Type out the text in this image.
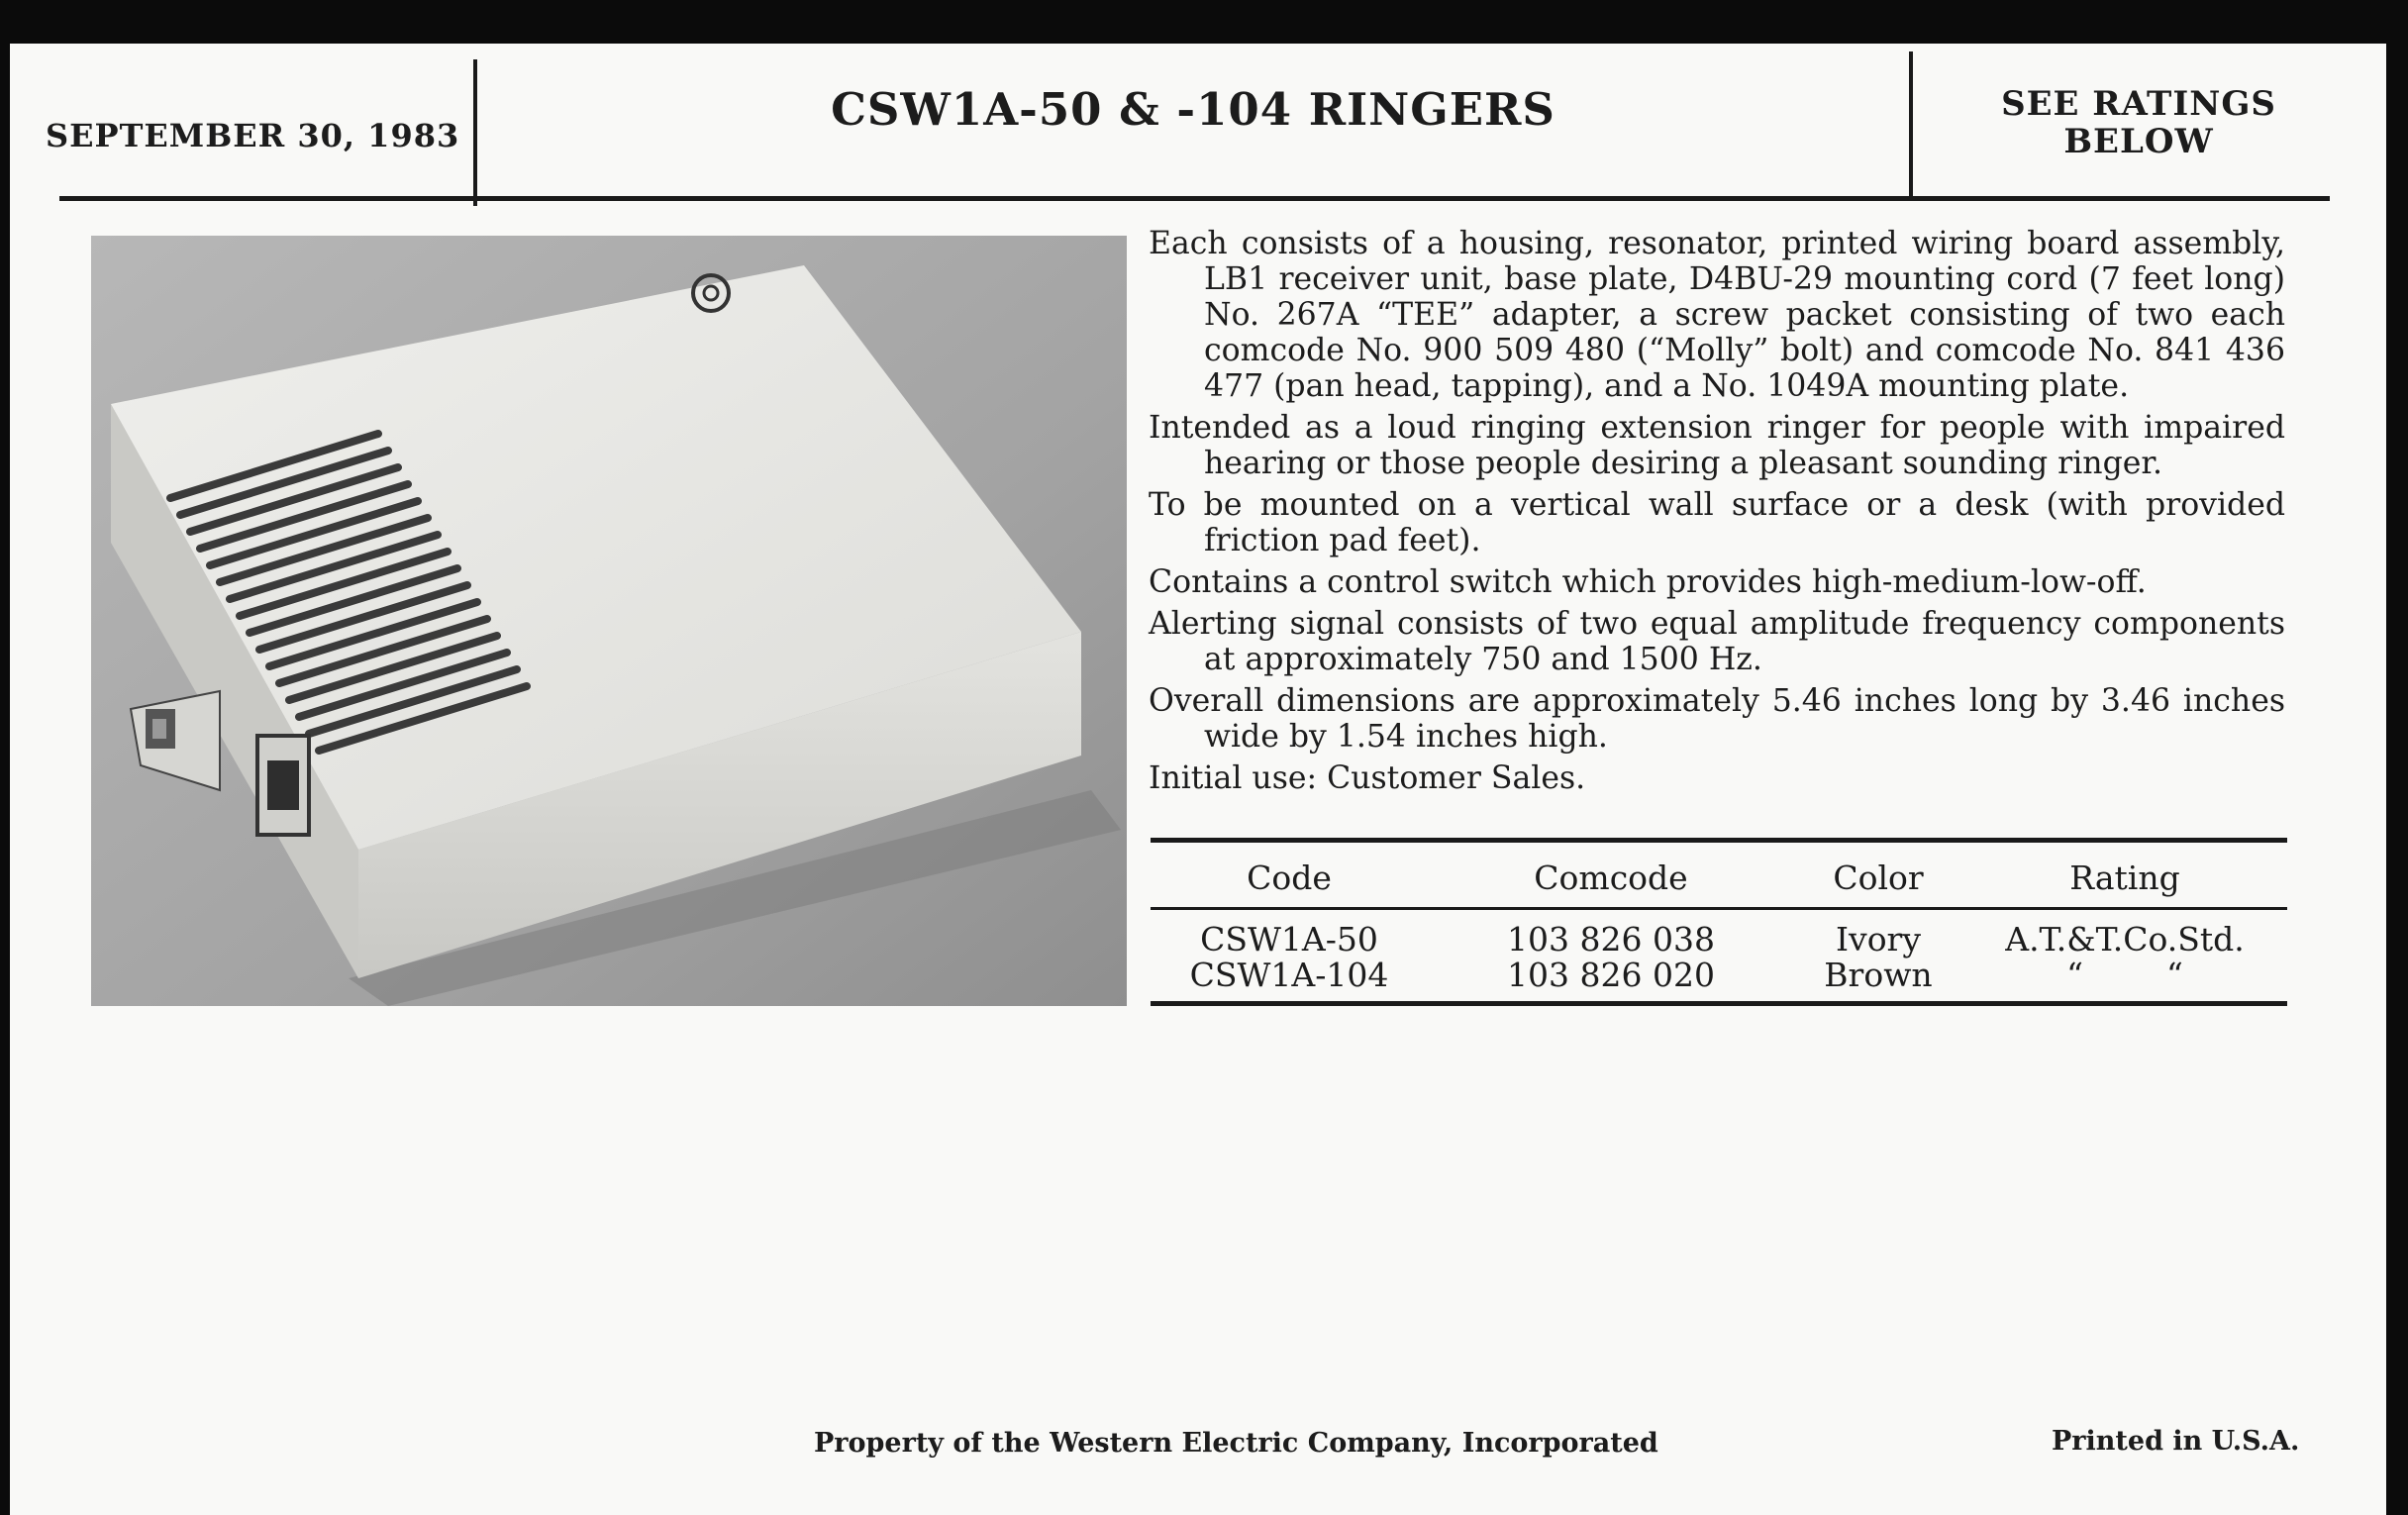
SEPTEMBER 30, 1983	CSW1A-50 & -104 RINGERS	SEE RATINGS
BELOW
Each consists of a housing, resonator, printed wiring board assembly, LB1 receiver unit, base plate, D4BU-29 mounting cord (7 feet long) No. 267A “TEE” adapter, a screw packet consisting of two each comcode No. 900 509 480 (“Molly” bolt) and comcode No. 841 436 477 (pan head, tapping), and a No. 1049A mounting plate.
Intended as a loud ringing extension ringer for people with impaired hearing or those people desiring a pleasant sounding ringer.
To be mounted on a vertical wall surface or a desk (with provided friction pad feet).
Contains a control switch which provides high-medium-low-off.
Alerting signal consists of two equal amplitude frequency components at approximately 750 and 1500 Hz.
Overall dimensions are approximately 5.46 inches long by 3.46 inches wide by 1.54 inches high.
Initial use: Customer Sales.
Code	Comcode	Color	Rating
CSW1A-50	103 826 038	Ivory	A.T.&T.Co.Std.
CSW1A-104	103 826 020	Brown	“        “
Property of the Western Electric Company, Incorporated	Printed in U.S.A.
